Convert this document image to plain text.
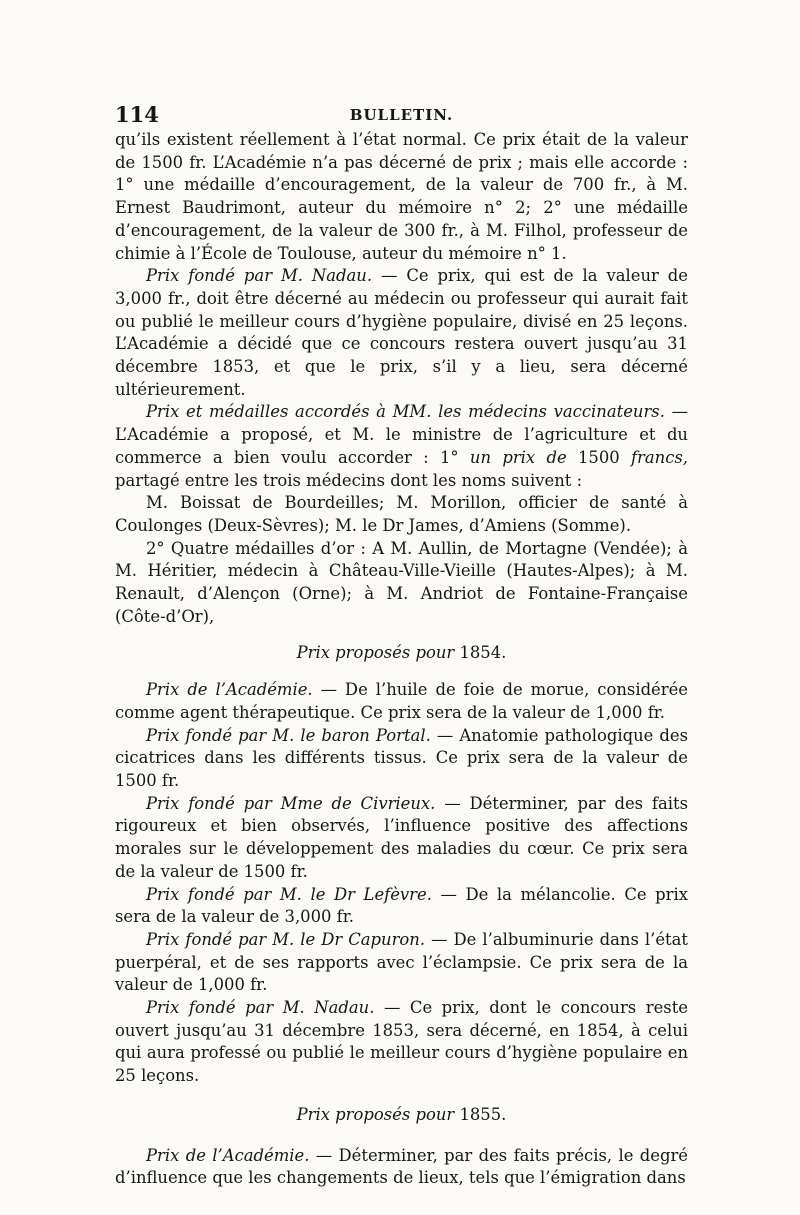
114	BULLETIN.

qu’ils existent réellement à l’état normal. Ce prix était de la valeur de 1500 fr. L’Académie n’a pas décerné de prix ; mais elle accorde : 1° une médaille d’encouragement, de la valeur de 700 fr., à M. Ernest Baudrimont, auteur du mémoire n° 2; 2° une médaille d’encouragement, de la valeur de 300 fr., à M. Filhol, professeur de chimie à l’École de Toulouse, auteur du mémoire n° 1.

Prix fondé par M. Nadau. — Ce prix, qui est de la valeur de 3,000 fr., doit être décerné au médecin ou professeur qui aurait fait ou publié le meilleur cours d’hygiène populaire, divisé en 25 leçons. L’Académie a décidé que ce concours restera ouvert jusqu’au 31 décembre 1853, et que le prix, s’il y a lieu, sera décerné ultérieurement.

Prix et médailles accordés à MM. les médecins vaccinateurs. — L’Académie a proposé, et M. le ministre de l’agriculture et du commerce a bien voulu accorder : 1° un prix de 1500 francs, partagé entre les trois médecins dont les noms suivent :

M. Boissat de Bourdeilles; M. Morillon, officier de santé à Coulonges (Deux-Sèvres); M. le Dr James, d’Amiens (Somme).

2° Quatre médailles d’or : A M. Aullin, de Mortagne (Vendée); à M. Héritier, médecin à Château-Ville-Vieille (Hautes-Alpes); à M. Renault, d’Alençon (Orne); à M. Andriot de Fontaine-Française (Côte-d’Or),

Prix proposés pour 1854.

Prix de l’Académie. — De l’huile de foie de morue, considérée comme agent thérapeutique. Ce prix sera de la valeur de 1,000 fr.

Prix fondé par M. le baron Portal. — Anatomie pathologique des cicatrices dans les différents tissus. Ce prix sera de la valeur de 1500 fr.

Prix fondé par Mme de Civrieux. — Déterminer, par des faits rigoureux et bien observés, l’influence positive des affections morales sur le développement des maladies du cœur. Ce prix sera de la valeur de 1500 fr.

Prix fondé par M. le Dr Lefèvre. — De la mélancolie. Ce prix sera de la valeur de 3,000 fr.

Prix fondé par M. le Dr Capuron. — De l’albuminurie dans l’état puerpéral, et de ses rapports avec l’éclampsie. Ce prix sera de la valeur de 1,000 fr.

Prix fondé par M. Nadau. — Ce prix, dont le concours reste ouvert jusqu’au 31 décembre 1853, sera décerné, en 1854, à celui qui aura professé ou publié le meilleur cours d’hygiène populaire en 25 leçons.

Prix proposés pour 1855.

Prix de l’Académie. — Déterminer, par des faits précis, le degré d’influence que les changements de lieux, tels que l’émigration dans
